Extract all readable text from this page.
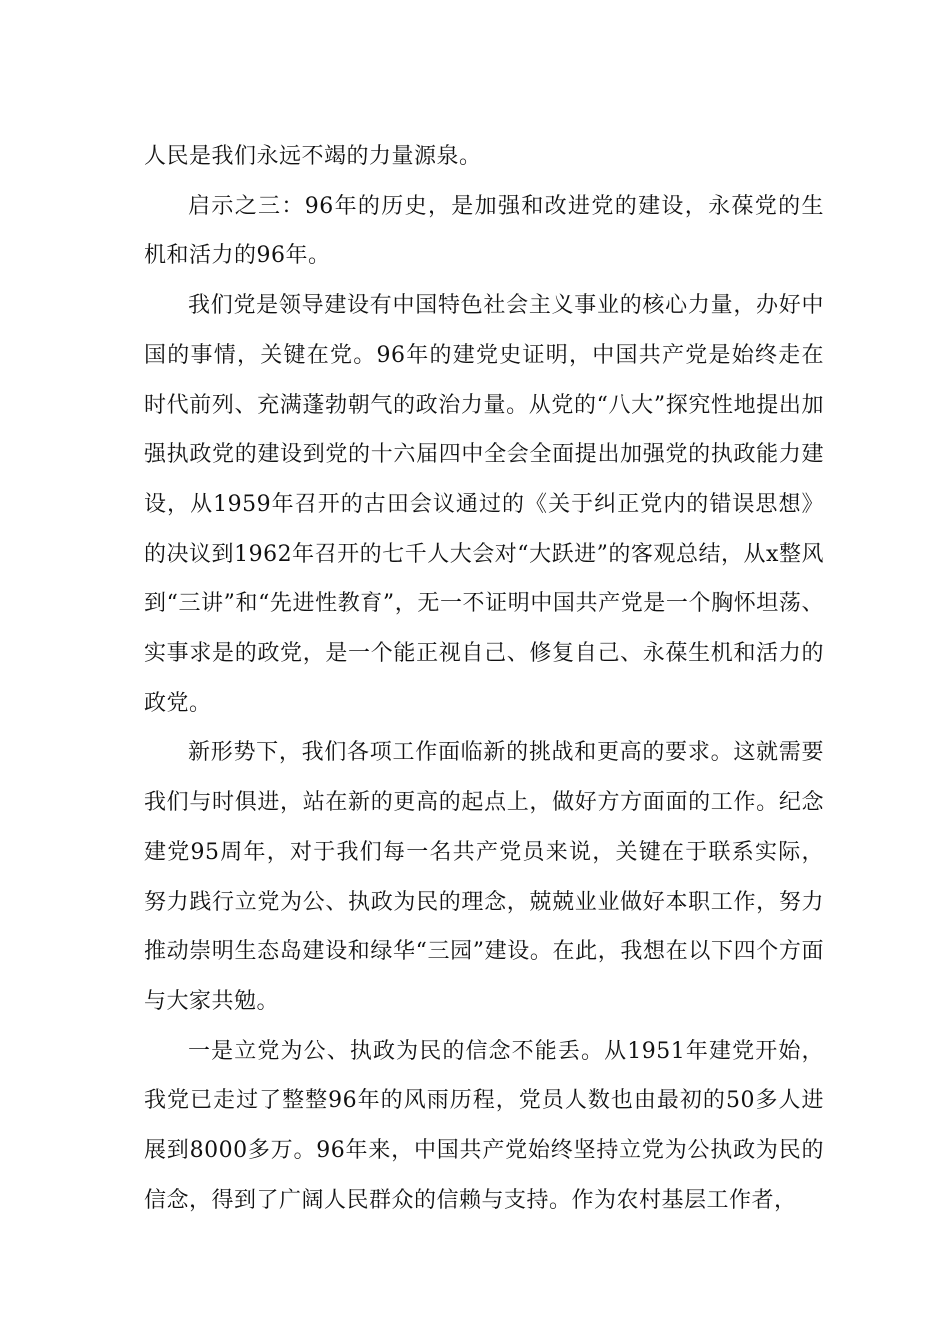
人民是我们永远不竭的力量源泉。

启示之三：96年的历史，是加强和改进党的建设，永葆党的生机和活力的96年。

我们党是领导建设有中国特色社会主义事业的核心力量，办好中国的事情，关键在党。96年的建党史证明，中国共产党是始终走在时代前列、充满蓬勃朝气的政治力量。从党的“八大”探究性地提出加强执政党的建设到党的十六届四中全会全面提出加强党的执政能力建设，从1959年召开的古田会议通过的《关于纠正党内的错误思想》的决议到1962年召开的七千人大会对“大跃进”的客观总结，从x整风到“三讲”和“先进性教育”，无一不证明中国共产党是一个胸怀坦荡、实事求是的政党，是一个能正视自己、修复自己、永葆生机和活力的政党。

新形势下，我们各项工作面临新的挑战和更高的要求。这就需要我们与时俱进，站在新的更高的起点上，做好方方面面的工作。纪念建党95周年，对于我们每一名共产党员来说，关键在于联系实际，努力践行立党为公、执政为民的理念，兢兢业业做好本职工作，努力推动崇明生态岛建设和绿华“三园”建设。在此，我想在以下四个方面与大家共勉。

一是立党为公、执政为民的信念不能丢。从1951年建党开始，我党已走过了整整96年的风雨历程，党员人数也由最初的50多人进展到8000多万。96年来，中国共产党始终坚持立党为公执政为民的信念，得到了广阔人民群众的信赖与支持。作为农村基层工作者，
